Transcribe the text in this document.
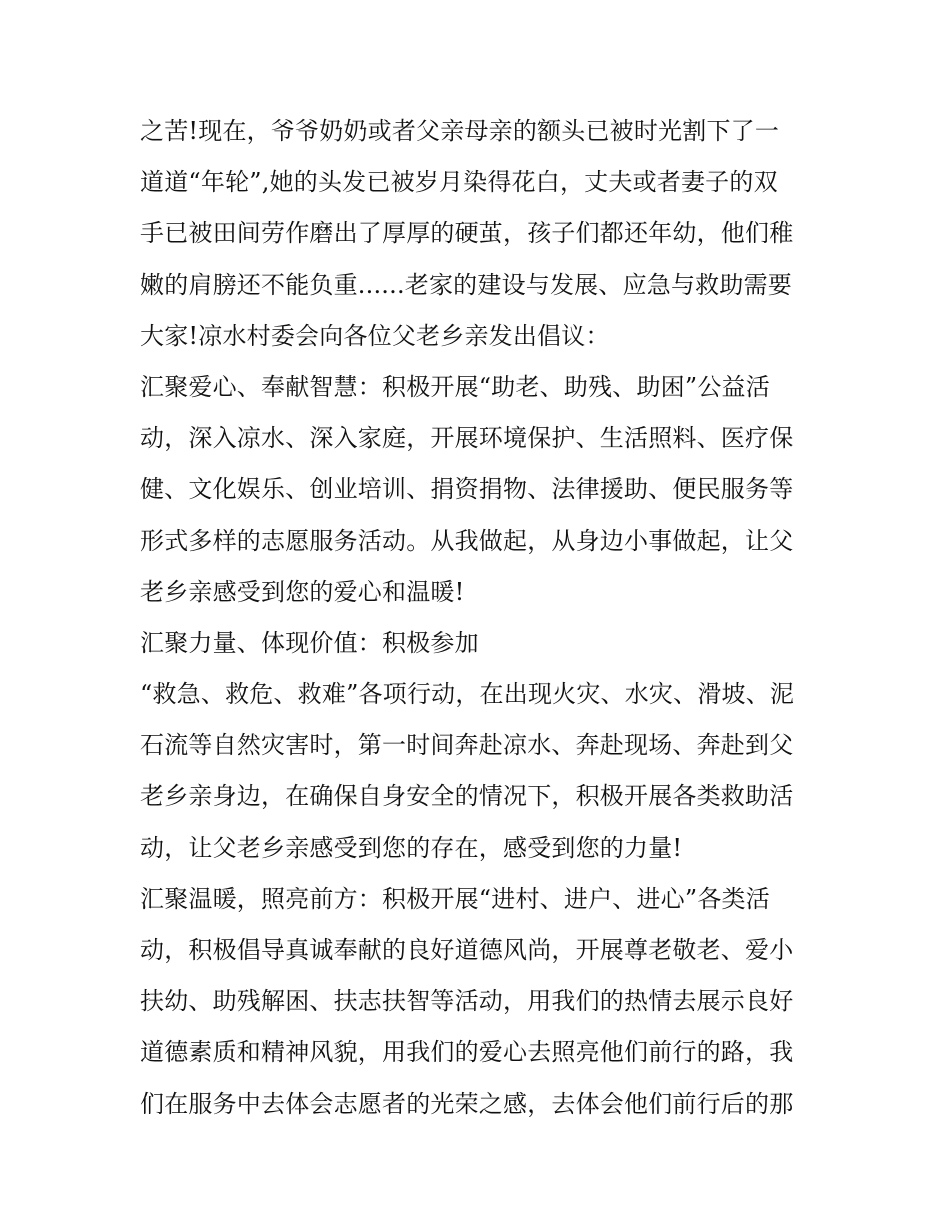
之苦!现在，爷爷奶奶或者父亲母亲的额头已被时光割下了一
道道“年轮”,她的头发已被岁月染得花白，丈夫或者妻子的双
手已被田间劳作磨出了厚厚的硬茧，孩子们都还年幼，他们稚
嫩的肩膀还不能负重......老家的建设与发展、应急与救助需要
大家!凉水村委会向各位父老乡亲发出倡议：
汇聚爱心、奉献智慧：积极开展“助老、助残、助困”公益活
动，深入凉水、深入家庭，开展环境保护、生活照料、医疗保
健、文化娱乐、创业培训、捐资捐物、法律援助、便民服务等
形式多样的志愿服务活动。从我做起，从身边小事做起，让父
老乡亲感受到您的爱心和温暖!
汇聚力量、体现价值：积极参加
“救急、救危、救难”各项行动，在出现火灾、水灾、滑坡、泥
石流等自然灾害时，第一时间奔赴凉水、奔赴现场、奔赴到父
老乡亲身边，在确保自身安全的情况下，积极开展各类救助活
动，让父老乡亲感受到您的存在，感受到您的力量!
汇聚温暖，照亮前方：积极开展“进村、进户、进心”各类活
动，积极倡导真诚奉献的良好道德风尚，开展尊老敬老、爱小
扶幼、助残解困、扶志扶智等活动，用我们的热情去展示良好
道德素质和精神风貌，用我们的爱心去照亮他们前行的路，我
们在服务中去体会志愿者的光荣之感，去体会他们前行后的那
